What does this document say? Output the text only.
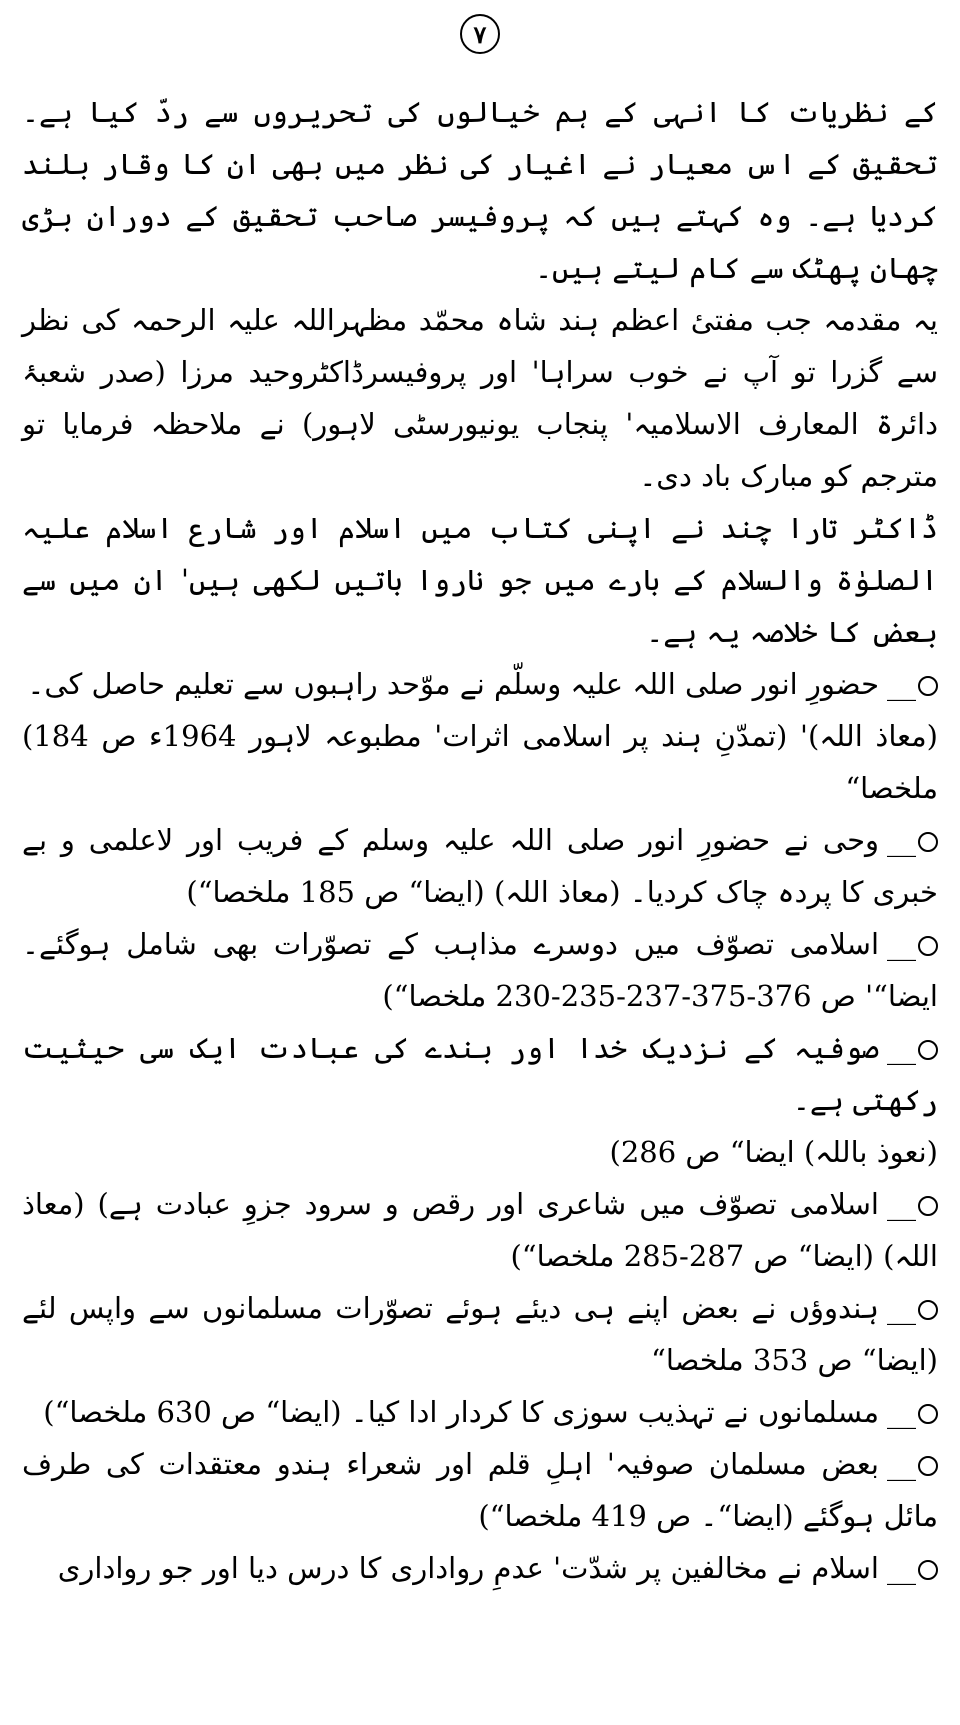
۷

کے نظریات کا انہی کے ہم خیالوں کی تحریروں سے ردّ کیا ہے۔ تحقیق کے اس معیار نے اغیار کی نظر میں بھی ان کا وقار بلند کردیا ہے۔ وہ کہتے ہیں کہ پروفیسر صاحب تحقیق کے دوران بڑی چھان پھٹک سے کام لیتے ہیں۔

یہ مقدمہ جب مفتیٔ اعظم ہند شاہ محمّد مظہراللہ علیہ الرحمہ کی نظر سے گزرا تو آپ نے خوب سراہا' اور پروفیسرڈاکٹروحید مرزا (صدر شعبۂ دائرۃ المعارف الاسلامیہ' پنجاب یونیورسٹی لاہور) نے ملاحظہ فرمایا تو مترجم کو مبارک باد دی۔

ڈاکٹر تارا چند نے اپنی کتاب میں اسلام اور شارع اسلام علیہ الصلوٰۃ والسلام کے بارے میں جو ناروا باتیں لکھی ہیں' ان میں سے بعض کا خلاصہ یہ ہے۔

__حضورِ انور صلی اللہ علیہ وسلّم نے موّحد راہبوں سے تعلیم حاصل کی۔
(معاذ اللہ)' (تمدّنِ ہند پر اسلامی اثرات' مطبوعہ لاہور 1964ء ص 184) ملخصا“
__وحی نے حضورِ انور صلی اللہ علیہ وسلم کے فریب اور لاعلمی و بے خبری کا پردہ چاک کردیا۔ (معاذ اللہ) (ایضا“ ص 185 ملخصا“)
__اسلامی تصوّف میں دوسرے مذاہب کے تصوّرات بھی شامل ہوگئے۔ایضا“' ص 376-375-237-235-230 ملخصا“)
__صوفیہ کے نزدیک خدا اور بندے کی عبادت ایک سی حیثیت رکھتی ہے۔
(نعوذ باللہ) ایضا“ ص 286)
__اسلامی تصوّف میں شاعری اور رقص و سرود جزوِ عبادت ہے) (معاذ اللہ) (ایضا“ ص 287-285 ملخصا“)
__ہندوؤں نے بعض اپنے ہی دیئے ہوئے تصوّرات مسلمانوں سے واپس لئے (ایضا“ ص 353 ملخصا“
__مسلمانوں نے تہذیب سوزی کا کردار ادا کیا۔ (ایضا“ ص 630 ملخصا“)
__بعض مسلمان صوفیہ' اہلِ قلم اور شعراء ہندو معتقدات کی طرف مائل ہوگئے (ایضا“۔ ص 419 ملخصا“)
__اسلام نے مخالفین پر شدّت' عدمِ رواداری کا درس دیا اور جو رواداری
